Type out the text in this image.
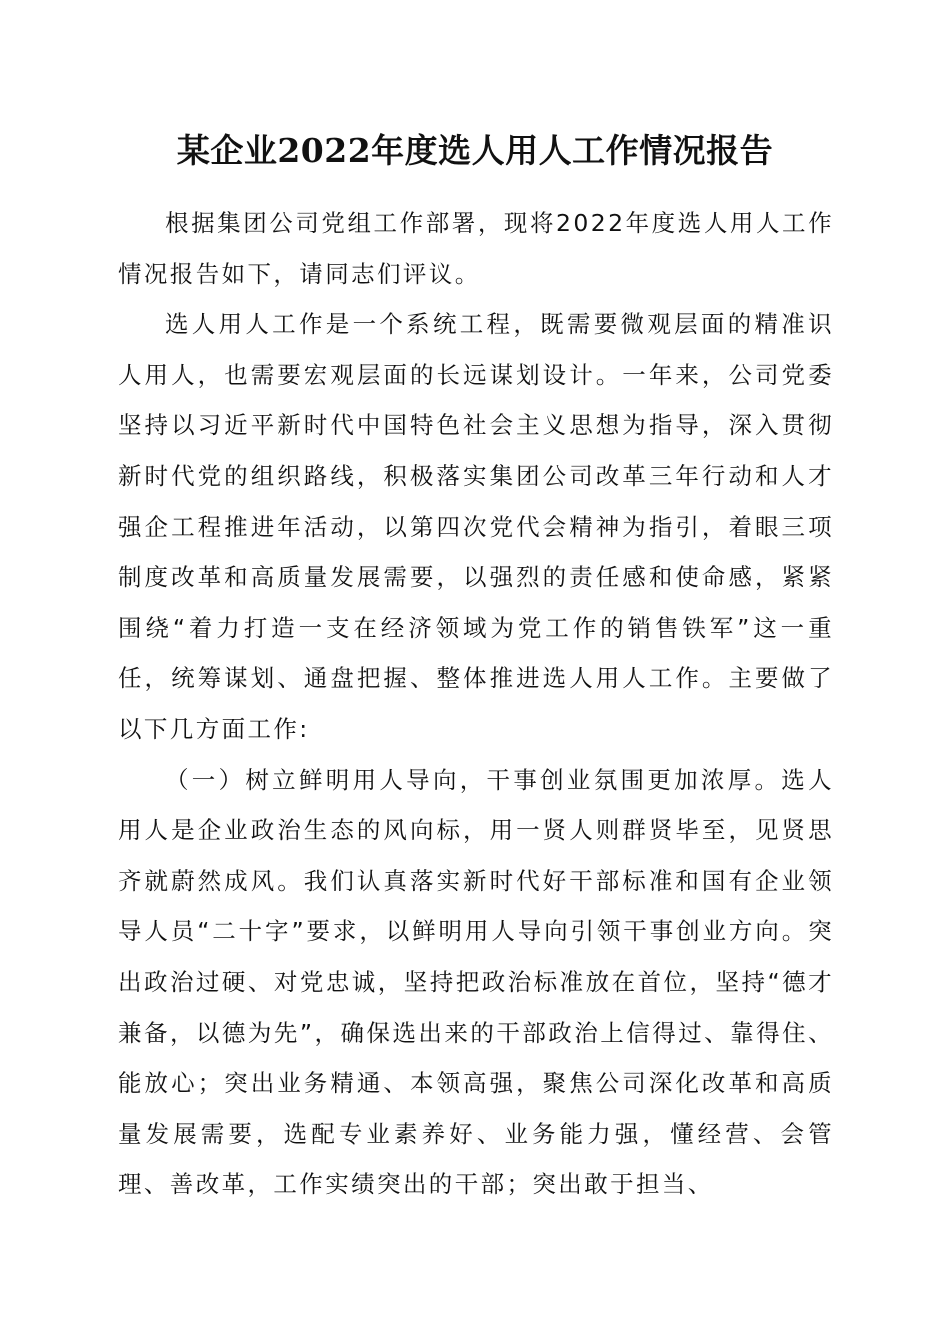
某企业2022年度选人用人工作情况报告

根据集团公司党组工作部署，现将2022年度选人用人工作情况报告如下，请同志们评议。

选人用人工作是一个系统工程，既需要微观层面的精准识人用人，也需要宏观层面的长远谋划设计。一年来，公司党委坚持以习近平新时代中国特色社会主义思想为指导，深入贯彻新时代党的组织路线，积极落实集团公司改革三年行动和人才强企工程推进年活动，以第四次党代会精神为指引，着眼三项制度改革和高质量发展需要，以强烈的责任感和使命感，紧紧围绕“着力打造一支在经济领域为党工作的销售铁军”这一重任，统筹谋划、通盘把握、整体推进选人用人工作。主要做了以下几方面工作:

（一）树立鲜明用人导向，干事创业氛围更加浓厚。选人用人是企业政治生态的风向标，用一贤人则群贤毕至，见贤思齐就蔚然成风。我们认真落实新时代好干部标准和国有企业领导人员“二十字”要求，以鲜明用人导向引领干事创业方向。突出政治过硬、对党忠诚，坚持把政治标准放在首位，坚持“德才兼备，以德为先”，确保选出来的干部政治上信得过、靠得住、能放心；突出业务精通、本领高强，聚焦公司深化改革和高质量发展需要，选配专业素养好、业务能力强，懂经营、会管理、善改革，工作实绩突出的干部；突出敢于担当、
